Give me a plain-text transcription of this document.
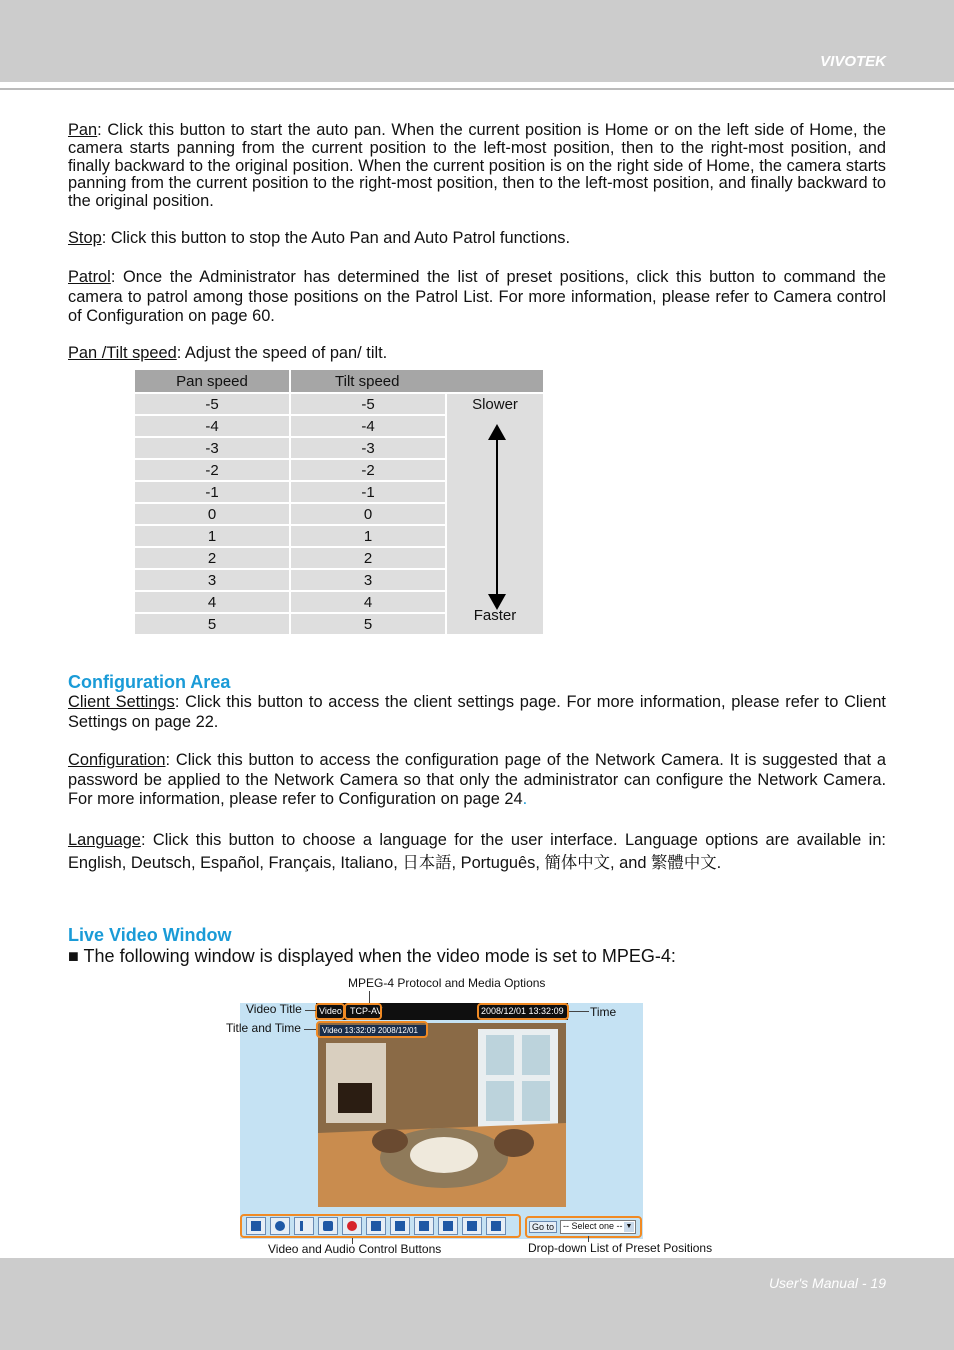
VIVOTEK

Pan: Click this button to start the auto pan. When the current position is Home or on the left side of Home, the camera starts panning from the current position to the left-most position, then to the right-most position, and finally backward to the original position. When the current position is on the right side of Home, the camera starts panning from the current position to the right-most position, then to the left-most position, and finally backward to the original position.

Stop: Click this button to stop the Auto Pan and Auto Patrol functions.

Patrol: Once the Administrator has determined the list of preset positions, click this button to command the camera to patrol among those positions on the Patrol List. For more information, please refer to Camera control of Configuration on page 60.

Pan /Tilt speed: Adjust the speed of pan/ tilt.

Pan speed	Tilt speed	
-5	-5	Slower
Faster

-4	-4	
-3	-3	
-2	-2	
-1	-1	
0	0	
1	1	
2	2	
3	3	
4	4	
5	5	
Configuration Area

Client Settings: Click this button to access the client settings page. For more information, please refer to Client Settings on page 22.

Configuration: Click this button to access the configuration page of the Network Camera. It is suggested that a password be applied to the Network Camera so that only the administrator can configure the Network Camera. For more information, please refer to Configuration on page 24.

Language: Click this button to choose a language for the user interface. Language options are available in: English, Deutsch, Español, Français, Italiano, 日本語, Português, 簡体中文, and 繁體中文.

Live Video Window
■ The following window is displayed when the video mode is set to MPEG-4:
MPEG-4 Protocol and Media Options
Video TCP-AV	2008/12/01 13:32:09
Video 13:32:09 2008/12/01
Go to -- Select one -- ▼
Video Title
Title and Time
Time
Video and Audio Control Buttons	Drop-down List of Preset Positions
User's Manual - 19
